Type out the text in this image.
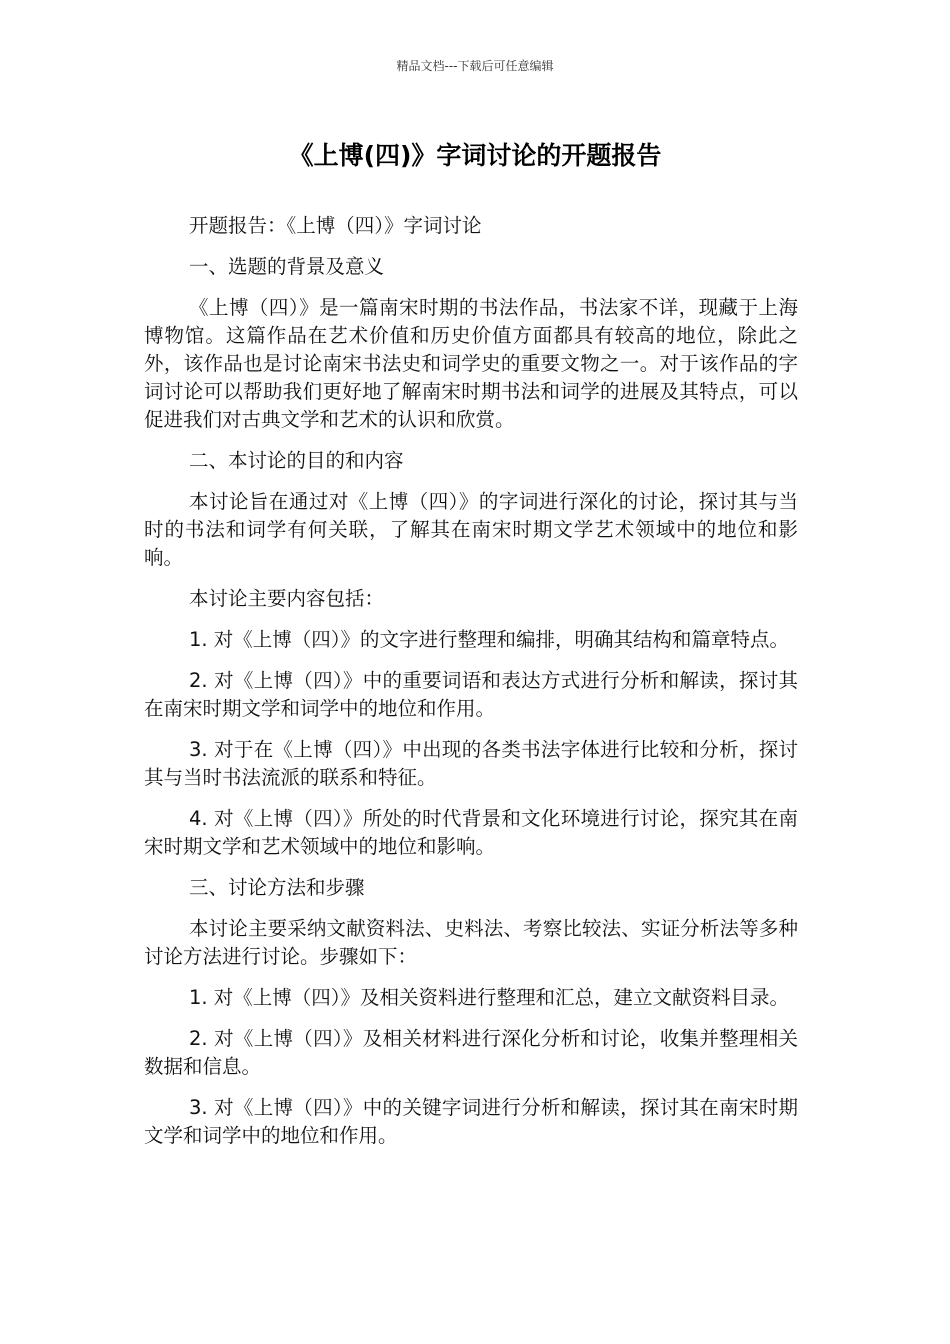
精品文档---下载后可任意编辑
《上博(四)》字词讨论的开题报告

开题报告：《上博（四）》字词讨论

一、选题的背景及意义

《上博（四）》是一篇南宋时期的书法作品，书法家不详，现藏于上海博物馆。这篇作品在艺术价值和历史价值方面都具有较高的地位，除此之外，该作品也是讨论南宋书法史和词学史的重要文物之一。对于该作品的字词讨论可以帮助我们更好地了解南宋时期书法和词学的进展及其特点，可以促进我们对古典文学和艺术的认识和欣赏。

二、本讨论的目的和内容

本讨论旨在通过对《上博（四）》的字词进行深化的讨论，探讨其与当时的书法和词学有何关联，了解其在南宋时期文学艺术领域中的地位和影响。

本讨论主要内容包括：

1. 对《上博（四）》的文字进行整理和编排，明确其结构和篇章特点。

2. 对《上博（四）》中的重要词语和表达方式进行分析和解读，探讨其在南宋时期文学和词学中的地位和作用。

3. 对于在《上博（四）》中出现的各类书法字体进行比较和分析，探讨其与当时书法流派的联系和特征。

4. 对《上博（四）》所处的时代背景和文化环境进行讨论，探究其在南宋时期文学和艺术领域中的地位和影响。

三、讨论方法和步骤

本讨论主要采纳文献资料法、史料法、考察比较法、实证分析法等多种讨论方法进行讨论。步骤如下：

1. 对《上博（四）》及相关资料进行整理和汇总，建立文献资料目录。

2. 对《上博（四）》及相关材料进行深化分析和讨论，收集并整理相关数据和信息。

3. 对《上博（四）》中的关键字词进行分析和解读，探讨其在南宋时期文学和词学中的地位和作用。
